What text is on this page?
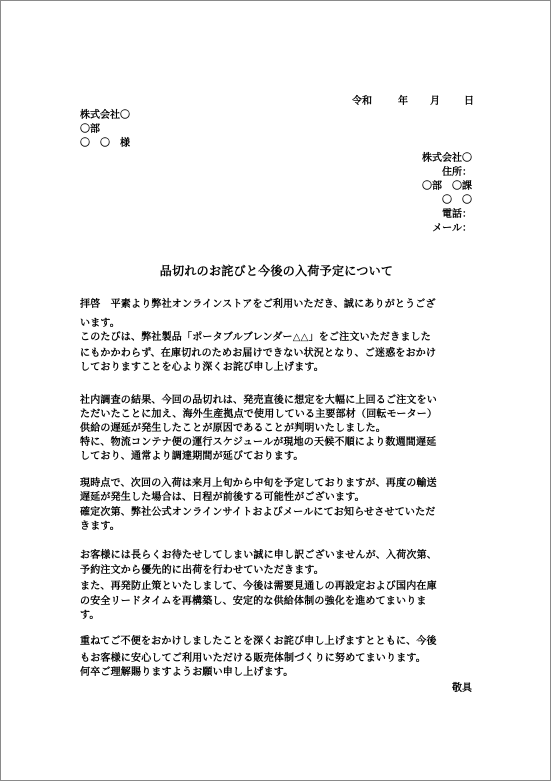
令和	年 月 日
株式会社〇
〇部
〇　〇　様
株式会社〇
住所：
〇部　〇課
〇　〇
電話：
メール：
品切れのお詫びと今後の入荷予定について
拝啓　平素より弊社オンラインストアをご利用いただき、誠にありがとうござ
います。
このたびは、弊社製品「ポータブルブレンダー△△」をご注文いただきました
にもかかわらず、在庫切れのためお届けできない状況となり、ご迷惑をおかけ
しておりますことを心より深くお詫び申し上げます。
社内調査の結果、今回の品切れは、発売直後に想定を大幅に上回るご注文をい
ただいたことに加え、海外生産拠点で使用している主要部材（回転モーター）
供給の遅延が発生したことが原因であることが判明いたしました。
特に、物流コンテナ便の運行スケジュールが現地の天候不順により数週間遅延
しており、通常より調達期間が延びております。
現時点で、次回の入荷は来月上旬から中旬を予定しておりますが、再度の輸送
遅延が発生した場合は、日程が前後する可能性がございます。
確定次第、弊社公式オンラインサイトおよびメールにてお知らせさせていただ
きます。
お客様には長らくお待たせしてしまい誠に申し訳ございませんが、入荷次第、
予約注文から優先的に出荷を行わせていただきます。
また、再発防止策といたしまして、今後は需要見通しの再設定および国内在庫
の安全リードタイムを再構築し、安定的な供給体制の強化を進めてまいりま
す。
重ねてご不便をおかけしましたことを深くお詫び申し上げますとともに、今後
もお客様に安心してご利用いただける販売体制づくりに努めてまいります。
何卒ご理解賜りますようお願い申し上げます。
敬具
